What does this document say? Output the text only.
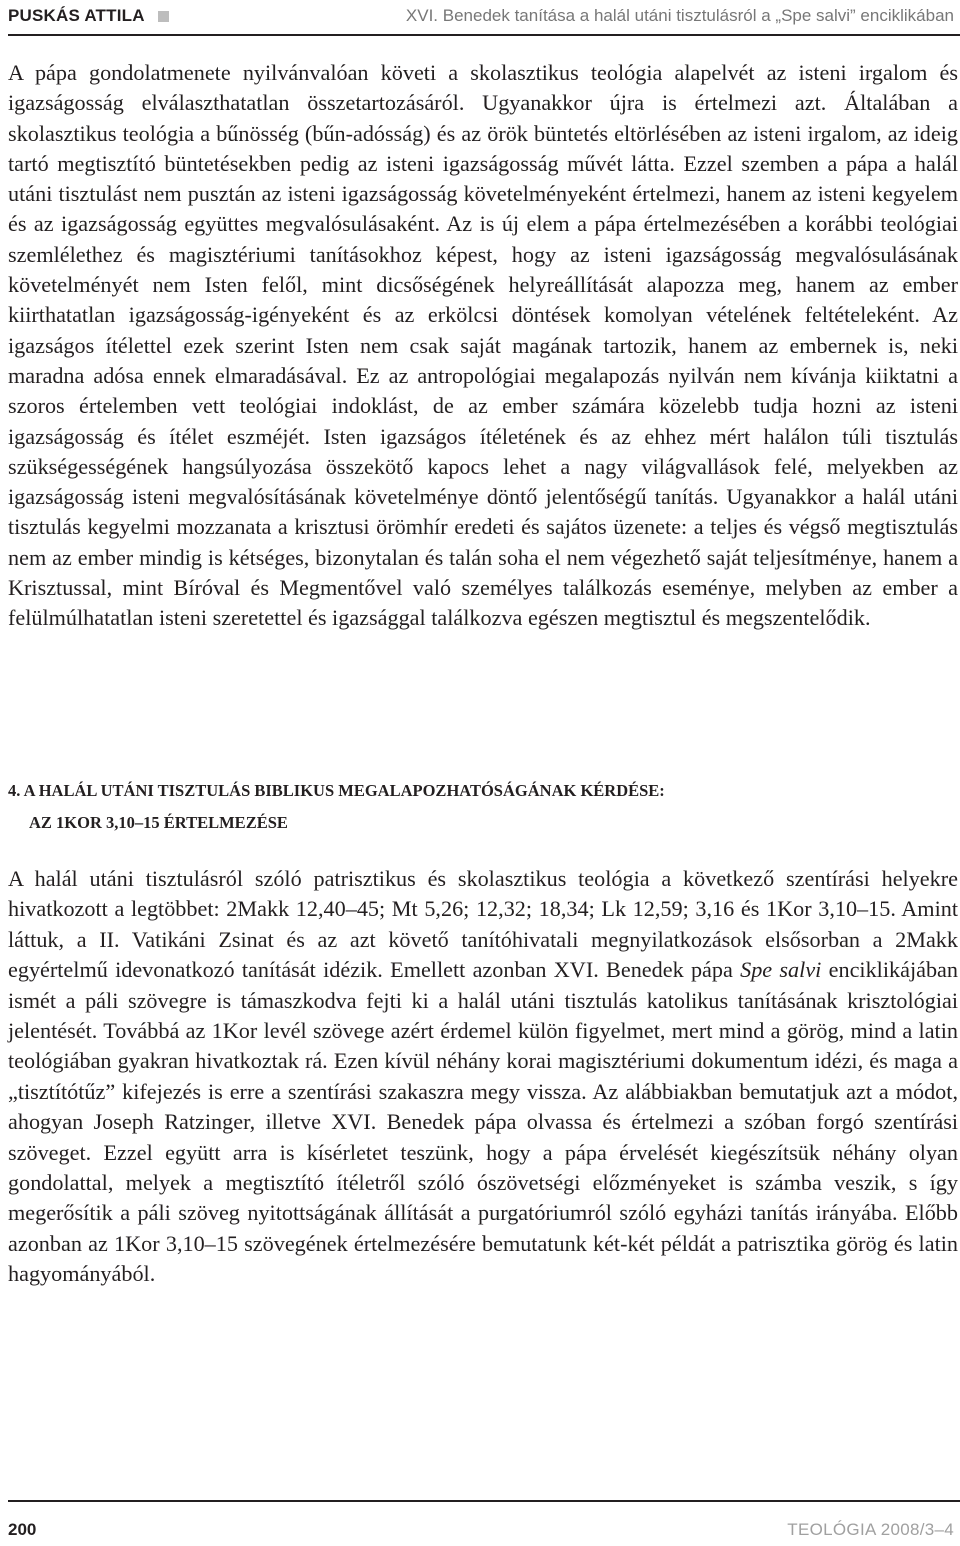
PUSKÁS ATTILA	XVI. Benedek tanítása a halál utáni tisztulásról a „Spe salvi” enciklikában

A pápa gondolatmenete nyilvánvalóan követi a skolasztikus teológia alapelvét az isteni irgalom és igazságosság elválaszthatatlan összetartozásáról. Ugyanakkor újra is értelmezi azt. Általában a skolasztikus teológia a bűnösség (bűn-adósság) és az örök büntetés eltörlésében az isteni irgalom, az ideig tartó megtisztító büntetésekben pedig az isteni igazságosság művét látta. Ezzel szemben a pápa a halál utáni tisztulást nem pusztán az isteni igazságosság követelményeként értelmezi, hanem az isteni kegyelem és az igazságosság együttes megvalósulásaként. Az is új elem a pápa értelmezésében a korábbi teológiai szemlélethez és magisztériumi tanításokhoz képest, hogy az isteni igazságosság megvalósulásának követelményét nem Isten felől, mint dicsőségének helyreállítását alapozza meg, hanem az ember kiirthatatlan igazságosság-igényeként és az erkölcsi döntések komolyan vételének feltételeként. Az igazságos ítélettel ezek szerint Isten nem csak saját magának tartozik, hanem az embernek is, neki maradna adósa ennek elmaradásával. Ez az antropológiai megalapozás nyilván nem kívánja kiiktatni a szoros értelemben vett teológiai indoklást, de az ember számára közelebb tudja hozni az isteni igazságosság és ítélet eszméjét. Isten igazságos ítéletének és az ehhez mért halálon túli tisztulás szükségességének hangsúlyozása összekötő kapocs lehet a nagy világvallások felé, melyekben az igazságosság isteni megvalósításának követelménye döntő jelentőségű tanítás. Ugyanakkor a halál utáni tisztulás kegyelmi mozzanata a krisztusi örömhír eredeti és sajátos üzenete: a teljes és végső megtisztulás nem az ember mindig is kétséges, bizonytalan és talán soha el nem végezhető saját teljesítménye, hanem a Krisztussal, mint Bíróval és Megmentővel való személyes találkozás eseménye, melyben az ember a felülmúlhatatlan isteni szeretettel és igazsággal találkozva egészen megtisztul és megszentelődik.

4. A HALÁL UTÁNI TISZTULÁS BIBLIKUS MEGALAPOZHATÓSÁGÁNAK KÉRDÉSE:
AZ 1KOR 3,10–15 ÉRTELMEZÉSE

A halál utáni tisztulásról szóló patrisztikus és skolasztikus teológia a következő szentírási helyekre hivatkozott a legtöbbet: 2Makk 12,40–45; Mt 5,26; 12,32; 18,34; Lk 12,59; 3,16 és 1Kor 3,10–15. Amint láttuk, a II. Vatikáni Zsinat és az azt követő tanítóhivatali megnyilatkozások elsősorban a 2Makk egyértelmű idevonatkozó tanítását idézik. Emellett azonban XVI. Benedek pápa Spe salvi enciklikájában ismét a páli szövegre is támaszkodva fejti ki a halál utáni tisztulás katolikus tanításának krisztológiai jelentését. Továbbá az 1Kor levél szövege azért érdemel külön figyelmet, mert mind a görög, mind a latin teológiában gyakran hivatkoztak rá. Ezen kívül néhány korai magisztériumi dokumentum idézi, és maga a „tisztítótűz” kifejezés is erre a szentírási szakaszra megy vissza. Az alábbiakban bemutatjuk azt a módot, ahogyan Joseph Ratzinger, illetve XVI. Benedek pápa olvassa és értelmezi a szóban forgó szentírási szöveget. Ezzel együtt arra is kísérletet teszünk, hogy a pápa érvelését kiegészítsük néhány olyan gondolattal, melyek a megtisztító ítéletről szóló ószövetségi előzményeket is számba veszik, s így megerősítik a páli szöveg nyitottságának állítását a purgatóriumról szóló egyházi tanítás irányába. Előbb azonban az 1Kor 3,10–15 szövegének értelmezésére bemutatunk két-két példát a patrisztika görög és latin hagyományából.

200	TEOLÓGIA 2008/3–4
